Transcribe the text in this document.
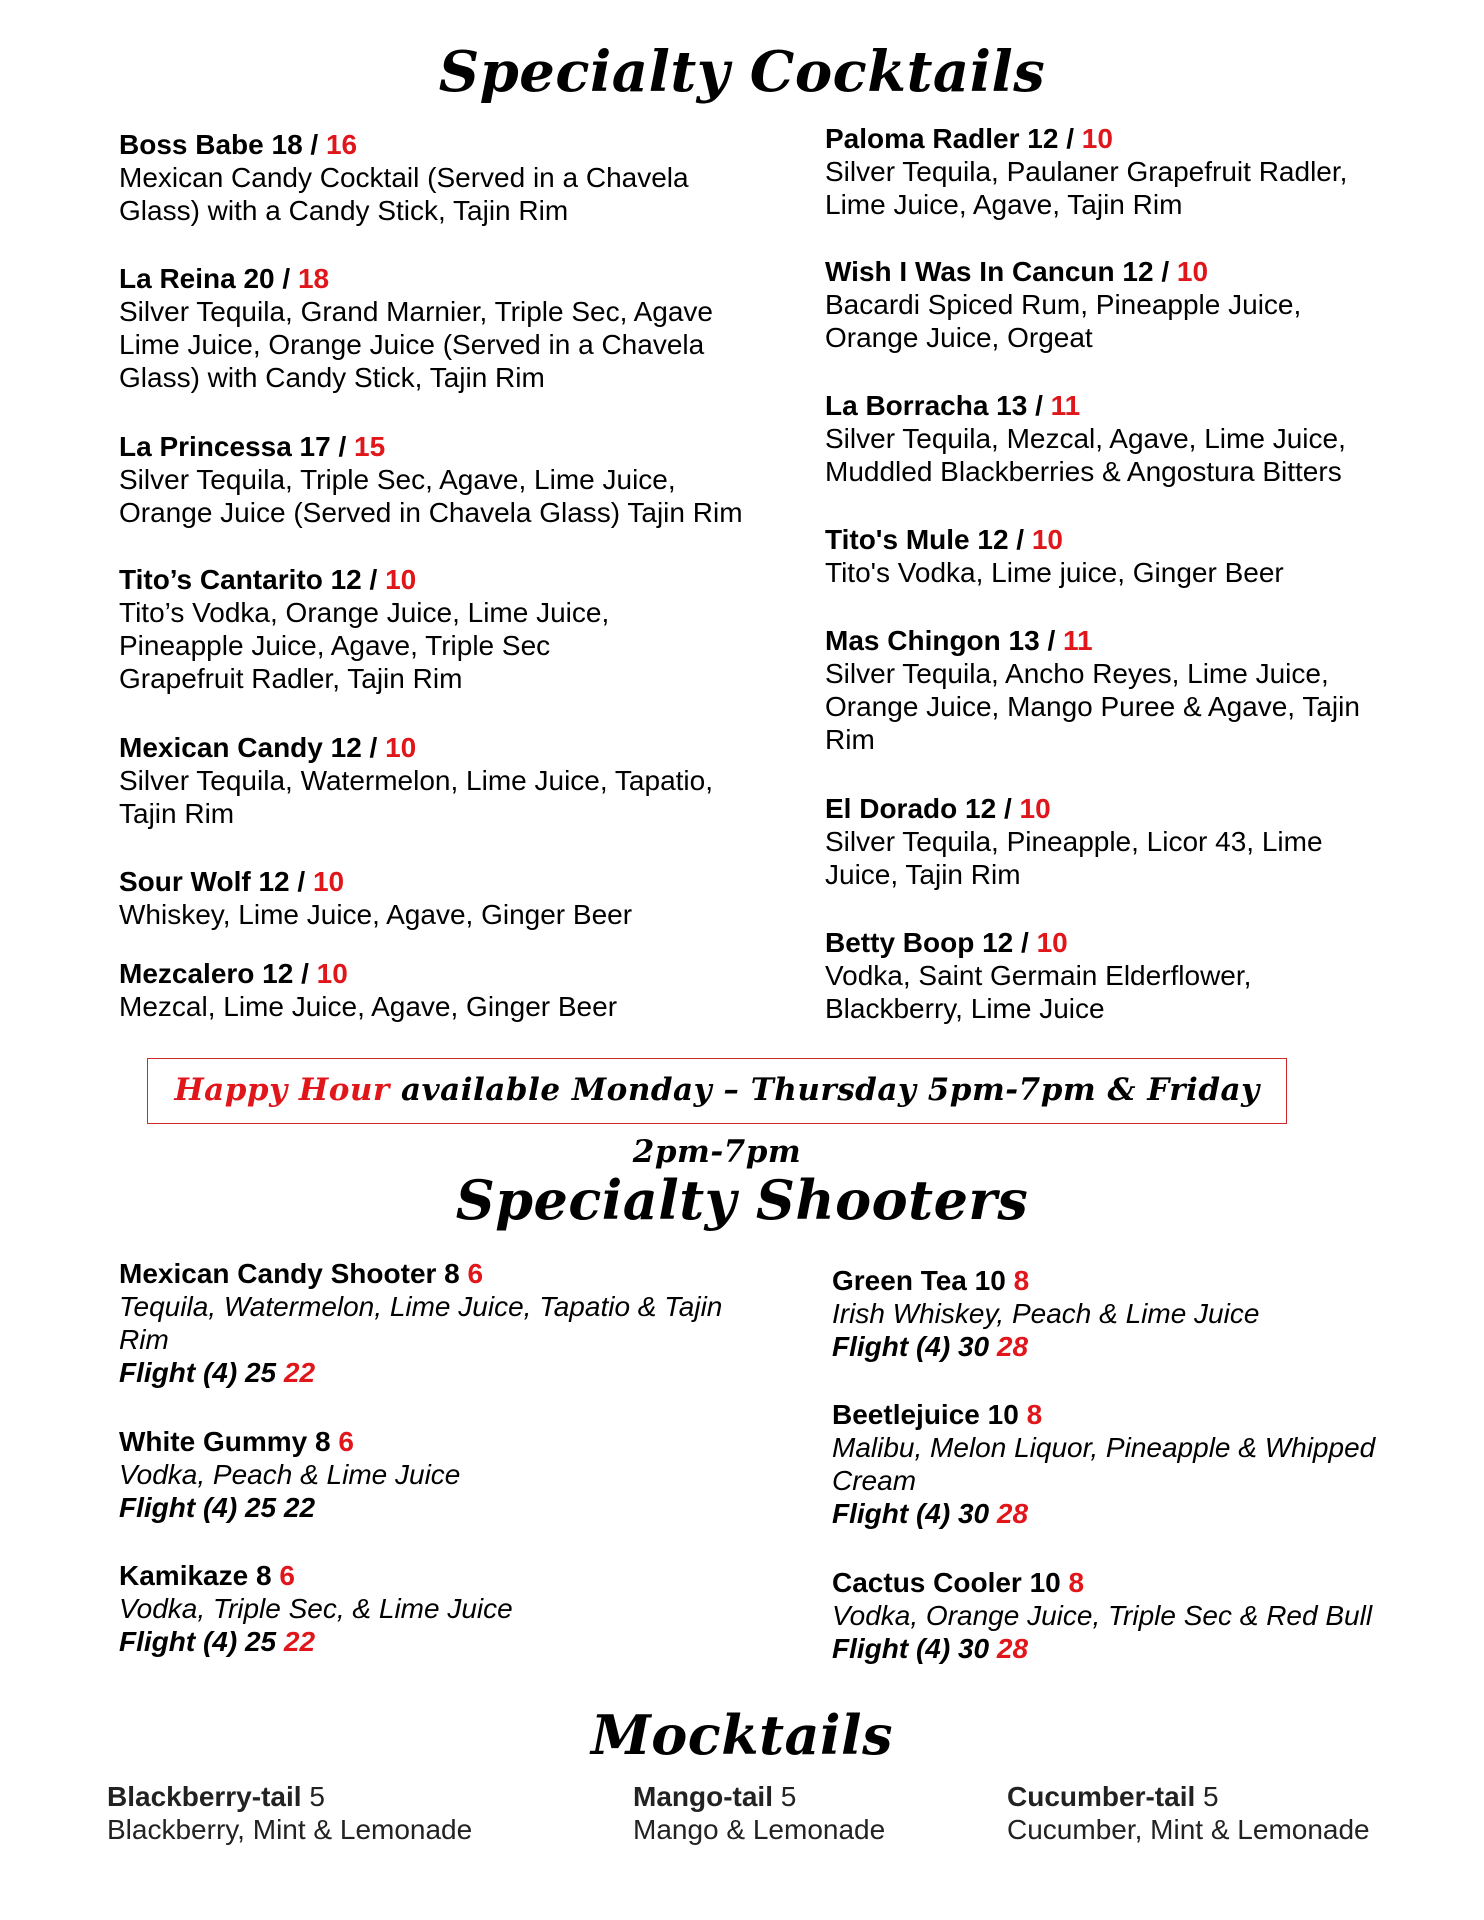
Specialty Cocktails
Boss Babe 18 / 16
Mexican Candy Cocktail (Served in a Chavela
Glass) with a Candy Stick, Tajin Rim
La Reina 20 / 18
Silver Tequila, Grand Marnier, Triple Sec, Agave
Lime Juice, Orange Juice (Served in a Chavela
Glass) with Candy Stick, Tajin Rim
La Princessa 17 / 15
Silver Tequila, Triple Sec, Agave, Lime Juice,
Orange Juice (Served in Chavela Glass) Tajin Rim
Tito’s Cantarito 12 / 10
Tito’s Vodka, Orange Juice, Lime Juice,
Pineapple Juice, Agave, Triple Sec
Grapefruit Radler, Tajin Rim
Mexican Candy 12 / 10
Silver Tequila, Watermelon, Lime Juice, Tapatio,
Tajin Rim
Sour Wolf 12 / 10
Whiskey, Lime Juice, Agave, Ginger Beer
Mezcalero 12 / 10
Mezcal, Lime Juice, Agave, Ginger Beer
Paloma Radler 12 / 10
Silver Tequila, Paulaner Grapefruit Radler,
Lime Juice, Agave, Tajin Rim
Wish I Was In Cancun 12 / 10
Bacardi Spiced Rum, Pineapple Juice,
Orange Juice, Orgeat
La Borracha 13 / 11
Silver Tequila, Mezcal, Agave, Lime Juice,
Muddled Blackberries & Angostura Bitters
Tito's Mule 12 / 10
Tito's Vodka, Lime juice, Ginger Beer
Mas Chingon 13 / 11
Silver Tequila, Ancho Reyes, Lime Juice,
Orange Juice, Mango Puree & Agave, Tajin
Rim
El Dorado 12 / 10
Silver Tequila, Pineapple, Licor 43, Lime
Juice, Tajin Rim
Betty Boop 12 / 10
Vodka, Saint Germain Elderflower,
Blackberry, Lime Juice
Happy Hour available Monday – Thursday 5pm-7pm & Friday 2pm-7pm
Specialty Shooters
Mexican Candy Shooter 8 6
Tequila, Watermelon, Lime Juice, Tapatio & Tajin
Rim
Flight (4) 25 22
White Gummy 8 6
Vodka, Peach & Lime Juice
Flight (4) 25 22
Kamikaze 8 6
Vodka, Triple Sec, & Lime Juice
Flight (4) 25 22
Green Tea 10 8
Irish Whiskey, Peach & Lime Juice
Flight (4) 30 28
Beetlejuice 10 8
Malibu, Melon Liquor, Pineapple & Whipped
Cream
Flight (4) 30 28
Cactus Cooler 10 8
Vodka, Orange Juice, Triple Sec & Red Bull
Flight (4) 30 28
Mocktails
Blackberry-tail 5
Blackberry, Mint & Lemonade
Mango-tail 5
Mango & Lemonade
Cucumber-tail 5
Cucumber, Mint & Lemonade
